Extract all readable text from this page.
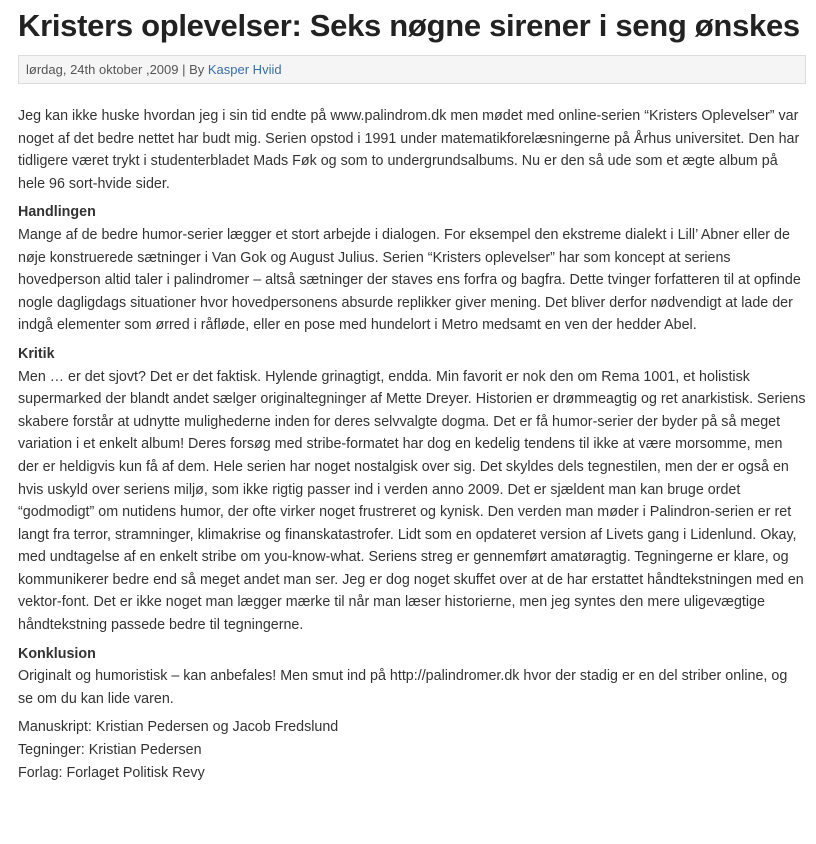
Kristers oplevelser: Seks nøgne sirener i seng ønskes
lørdag, 24th oktober ,2009 | By Kasper Hviid

Jeg kan ikke huske hvordan jeg i sin tid endte på www.palindrom.dk men mødet med online-serien “Kristers Oplevelser” var noget af det bedre nettet har budt mig. Serien opstod i 1991 under matematikforelæsningerne på Århus universitet. Den har tidligere været trykt i studenterbladet Mads Føk og som to undergrundsalbums. Nu er den så ude som et ægte album på hele 96 sort-hvide sider.

Handlingen

Mange af de bedre humor-serier lægger et stort arbejde i dialogen. For eksempel den ekstreme dialekt i Lill’ Abner eller de nøje konstruerede sætninger i Van Gok og August Julius. Serien “Kristers oplevelser” har som koncept at seriens hovedperson altid taler i palindromer – altså sætninger der staves ens forfra og bagfra. Dette tvinger forfatteren til at opfinde nogle dagligdags situationer hvor hovedpersonens absurde replikker giver mening. Det bliver derfor nødvendigt at lade der indgå elementer som ørred i råfløde, eller en pose med hundelort i Metro medsamt en ven der hedder Abel.

Kritik

Men … er det sjovt? Det er det faktisk. Hylende grinagtigt, endda. Min favorit er nok den om Rema 1001, et holistisk supermarked der blandt andet sælger originaltegninger af Mette Dreyer. Historien er drømmeagtig og ret anarkistisk. Seriens skabere forstår at udnytte mulighederne inden for deres selvvalgte dogma. Det er få humor-serier der byder på så meget variation i et enkelt album! Deres forsøg med stribe-formatet har dog en kedelig tendens til ikke at være morsomme, men der er heldigvis kun få af dem. Hele serien har noget nostalgisk over sig. Det skyldes dels tegnestilen, men der er også en hvis uskyld over seriens miljø, som ikke rigtig passer ind i verden anno 2009. Det er sjældent man kan bruge ordet “godmodigt” om nutidens humor, der ofte virker noget frustreret og kynisk. Den verden man møder i Palindron-serien er ret langt fra terror, stramninger, klimakrise og finanskatastrofer. Lidt som en opdateret version af Livets gang i Lidenlund. Okay, med undtagelse af en enkelt stribe om you-know-what. Seriens streg er gennemført amatøragtig. Tegningerne er klare, og kommunikerer bedre end så meget andet man ser. Jeg er dog noget skuffet over at de har erstattet håndtekstningen med en vektor-font. Det er ikke noget man lægger mærke til når man læser historierne, men jeg syntes den mere uligevægtige håndtekstning passede bedre til tegningerne.

Konklusion

Originalt og humoristisk – kan anbefales! Men smut ind på http://palindromer.dk hvor der stadig er en del striber online, og se om du kan lide varen.

Manuskript: Kristian Pedersen og Jacob Fredslund
Tegninger: Kristian Pedersen
Forlag: Forlaget Politisk Revy
